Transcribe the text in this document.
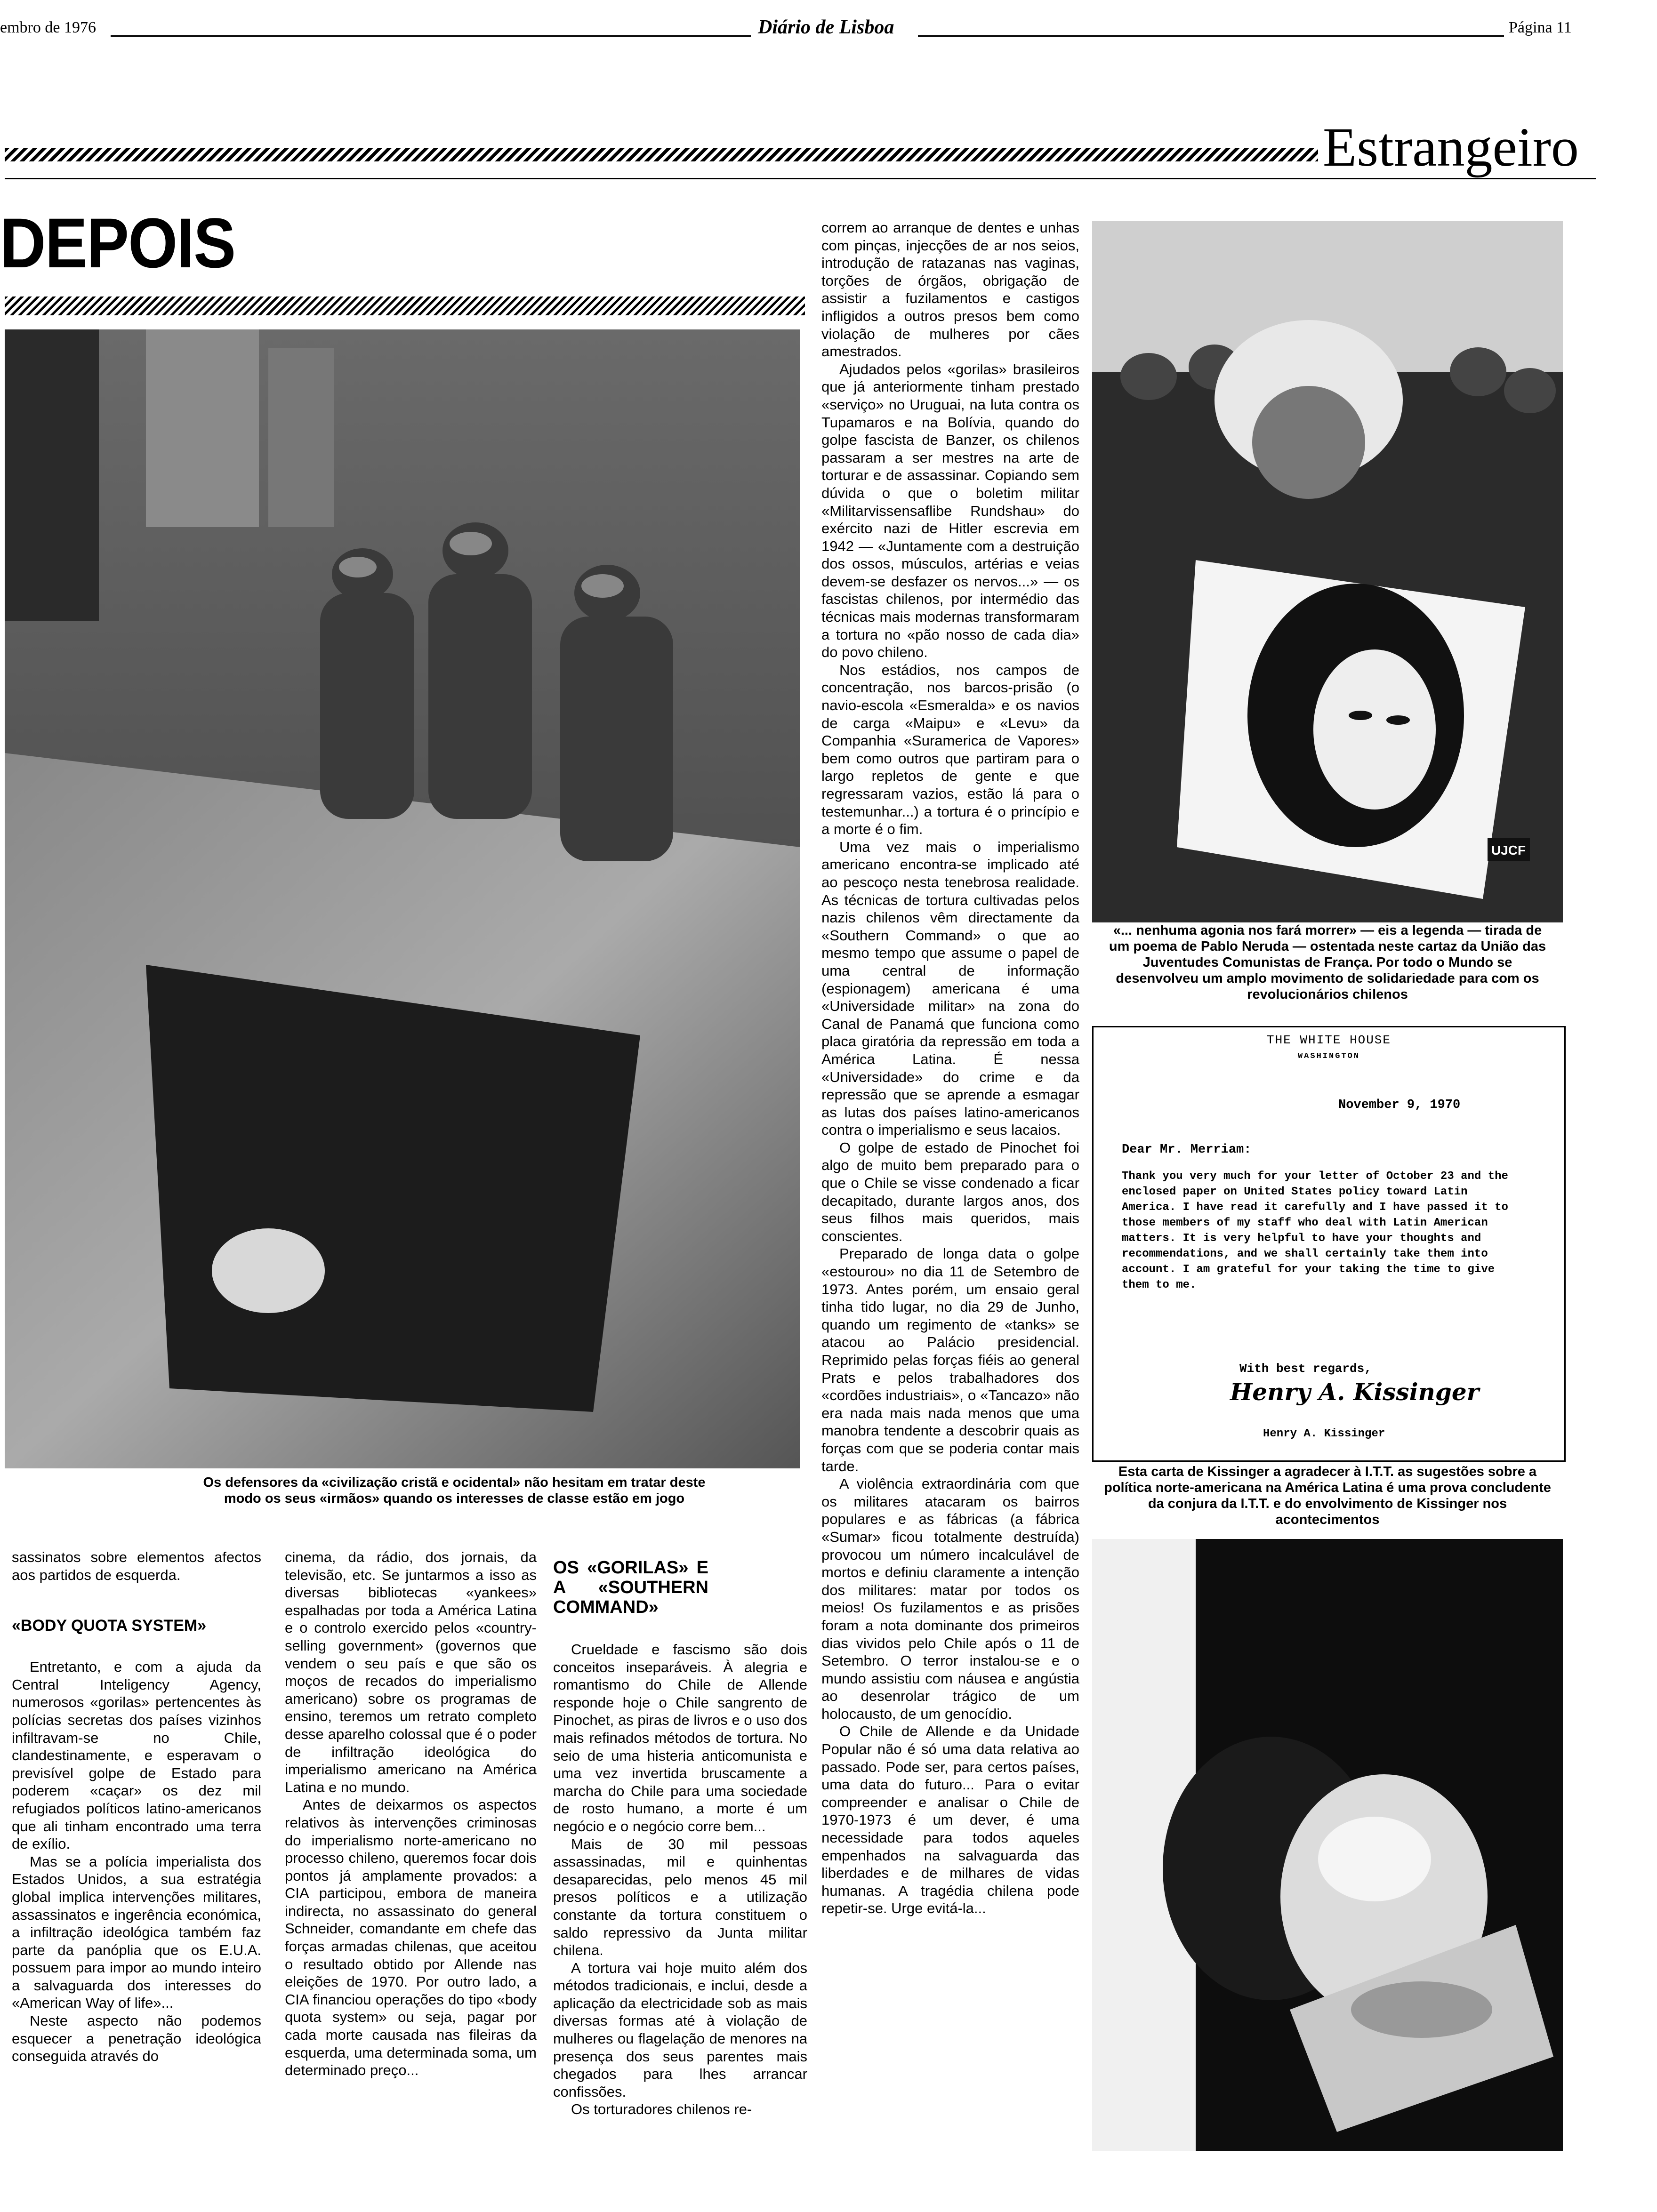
embro de 1976	Diário de Lisboa	Página 11
Estrangeiro
DEPOIS
Os defensores da «civilização cristã e ocidental» não hesitam em tratar deste modo os seus «irmãos» quando os interesses de classe estão em jogo
UJCF
«... nenhuma agonia nos fará morrer» — eis a legenda — tirada de um poema de Pablo Neruda — ostentada neste cartaz da União das Juventudes Comunistas de França. Por todo o Mundo se desenvolveu um amplo movimento de solidariedade para com os revolucionários chilenos
THE WHITE HOUSE
WASHINGTON
November 9, 1970
Dear Mr. Merriam:
Thank you very much for your letter of October 23 and the enclosed paper on United States policy toward Latin America. I have read it carefully and I have passed it to those members of my staff who deal with Latin American matters. It is very helpful to have your thoughts and recommendations, and we shall certainly take them into account. I am grateful for your taking the time to give them to me.
With best regards,
Henry A. Kissinger
Henry A. Kissinger
Esta carta de Kissinger a agradecer à I.T.T. as sugestões sobre a política norte-americana na América Latina é uma prova concludente da conjura da I.T.T. e do envolvimento de Kissinger nos acontecimentos

correm ao arranque de dentes e unhas com pinças, injecções de ar nos seios, introdução de ratazanas nas vaginas, torções de órgãos, obrigação de assistir a fuzilamentos e castigos infligidos a outros presos bem como violação de mulheres por cães amestrados.

Ajudados pelos «gorilas» brasileiros que já anteriormente tinham prestado «serviço» no Uruguai, na luta contra os Tupamaros e na Bolívia, quando do golpe fascista de Banzer, os chilenos passaram a ser mestres na arte de torturar e de assassinar. Copiando sem dúvida o que o boletim militar «Militarvissensaflibe Rundshau» do exército nazi de Hitler escrevia em 1942 — «Juntamente com a destruição dos ossos, músculos, artérias e veias devem-se desfazer os nervos...» — os fascistas chilenos, por intermédio das técnicas mais modernas transformaram a tortura no «pão nosso de cada dia» do povo chileno.

Nos estádios, nos campos de concentração, nos barcos-prisão (o navio-escola «Esmeralda» e os navios de carga «Maipu» e «Levu» da Companhia «Suramerica de Vapores» bem como outros que partiram para o largo repletos de gente e que regressaram vazios, estão lá para o testemunhar...) a tortura é o princípio e a morte é o fim.

Uma vez mais o imperialismo americano encontra-se implicado até ao pescoço nesta tenebrosa realidade. As técnicas de tortura cultivadas pelos nazis chilenos vêm directamente da «Southern Command» o que ao mesmo tempo que assume o papel de uma central de informação (espionagem) americana é uma «Universidade militar» na zona do Canal de Panamá que funciona como placa giratória da repressão em toda a América Latina. É nessa «Universidade» do crime e da repressão que se aprende a esmagar as lutas dos países latino-americanos contra o imperialismo e seus lacaios.

O golpe de estado de Pinochet foi algo de muito bem preparado para o que o Chile se visse condenado a ficar decapitado, durante largos anos, dos seus filhos mais queridos, mais conscientes.

Preparado de longa data o golpe «estourou» no dia 11 de Setembro de 1973. Antes porém, um ensaio geral tinha tido lugar, no dia 29 de Junho, quando um regimento de «tanks» se atacou ao Palácio presidencial. Reprimido pelas forças fiéis ao general Prats e pelos trabalhadores dos «cordões industriais», o «Tancazo» não era nada mais nada menos que uma manobra tendente a descobrir quais as forças com que se poderia contar mais tarde.

A violência extraordinária com que os militares atacaram os bairros populares e as fábricas (a fábrica «Sumar» ficou totalmente destruída) provocou um número incalculável de mortos e definiu claramente a intenção dos militares: matar por todos os meios! Os fuzilamentos e as prisões foram a nota dominante dos primeiros dias vividos pelo Chile após o 11 de Setembro. O terror instalou-se e o mundo assistiu com náusea e angústia ao desenrolar trágico de um holocausto, de um genocídio.

O Chile de Allende e da Unidade Popular não é só uma data relativa ao passado. Pode ser, para certos países, uma data do futuro... Para o evitar compreender e analisar o Chile de 1970-1973 é um dever, é uma necessidade para todos aqueles empenhados na salvaguarda das liberdades e de milhares de vidas humanas. A tragédia chilena pode repetir-se. Urge evitá-la...

sassinatos sobre elementos afectos aos partidos de esquerda.

«BODY QUOTA SYSTEM»

Entretanto, e com a ajuda da Central Inteligency Agency, numerosos «gorilas» pertencentes às polícias secretas dos países vizinhos infiltravam-se no Chile, clandestinamente, e esperavam o previsível golpe de Estado para poderem «caçar» os dez mil refugiados políticos latino-americanos que ali tinham encontrado uma terra de exílio.

Mas se a polícia imperialista dos Estados Unidos, a sua estratégia global implica intervenções militares, assassinatos e ingerência económica, a infiltração ideológica também faz parte da panóplia que os E.U.A. possuem para impor ao mundo inteiro a salvaguarda dos interesses do «American Way of life»...

Neste aspecto não podemos esquecer a penetração ideológica conseguida através do

cinema, da rádio, dos jornais, da televisão, etc. Se juntarmos a isso as diversas bibliotecas «yankees» espalhadas por toda a América Latina e o controlo exercido pelos «country-selling government» (governos que vendem o seu país e que são os moços de recados do imperialismo americano) sobre os programas de ensino, teremos um retrato completo desse aparelho colossal que é o poder de infiltração ideológica do imperialismo americano na América Latina e no mundo.

Antes de deixarmos os aspectos relativos às intervenções criminosas do imperialismo norte-americano no processo chileno, queremos focar dois pontos já amplamente provados: a CIA participou, embora de maneira indirecta, no assassinato do general Schneider, comandante em chefe das forças armadas chilenas, que aceitou o resultado obtido por Allende nas eleições de 1970. Por outro lado, a CIA financiou operações do tipo «body quota system» ou seja, pagar por cada morte causada nas fileiras da esquerda, uma determinada soma, um determinado preço...

OS «GORILAS» E A «SOUTHERN COMMAND»

Crueldade e fascismo são dois conceitos inseparáveis. À alegria e romantismo do Chile de Allende responde hoje o Chile sangrento de Pinochet, as piras de livros e o uso dos mais refinados métodos de tortura. No seio de uma histeria anticomunista e uma vez invertida bruscamente a marcha do Chile para uma sociedade de rosto humano, a morte é um negócio e o negócio corre bem...

Mais de 30 mil pessoas assassinadas, mil e quinhentas desaparecidas, pelo menos 45 mil presos políticos e a utilização constante da tortura constituem o saldo repressivo da Junta militar chilena.

A tortura vai hoje muito além dos métodos tradicionais, e inclui, desde a aplicação da electricidade sob as mais diversas formas até à violação de mulheres ou flagelação de menores na presença dos seus parentes mais chegados para lhes arrancar confissões.

Os torturadores chilenos re-
